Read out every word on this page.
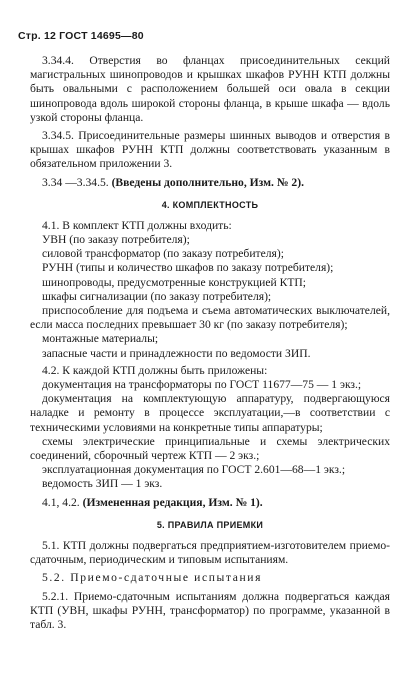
Стр. 12 ГОСТ 14695—80

3.34.4. Отверстия во фланцах присоединительных секций магистральных шинопроводов и крышках шкафов РУНН КТП должны быть овальными с расположением большей оси овала в секции шинопровода вдоль широкой стороны фланца, в крыше шкафа — вдоль узкой стороны фланца.

3.34.5. Присоединительные размеры шинных выводов и отверстия в крышах шкафов РУНН КТП должны соответствовать указанным в обязательном приложении 3.

3.34 —3.34.5. (Введены дополнительно, Изм. № 2).

4. КОМПЛЕКТНОСТЬ

4.1. В комплект КТП должны входить:

УВН (по заказу потребителя);

силовой трансформатор (по заказу потребителя);

РУНН (типы и количество шкафов по заказу потребителя);

шинопроводы, предусмотренные конструкцией КТП;

шкафы сигнализации (по заказу потребителя);

приспособление для подъема и съема автоматических выключателей, если масса последних превышает 30 кг (по заказу потребителя);

монтажные материалы;

запасные части и принадлежности по ведомости ЗИП.

4.2. К каждой КТП должны быть приложены:

документация на трансформаторы по ГОСТ 11677—75 — 1 экз.;

документация на комплектующую аппаратуру, подвергающуюся наладке и ремонту в процессе эксплуатации,—в соответствии с техническими условиями на конкретные типы аппаратуры;

схемы электрические принципиальные и схемы электрических соединений, сборочный чертеж КТП — 2 экз.;

эксплуатационная документация по ГОСТ 2.601—68—1 экз.;

ведомость ЗИП — 1 экз.

4.1, 4.2. (Измененная редакция, Изм. № 1).

5. ПРАВИЛА ПРИЕМКИ

5.1. КТП должны подвергаться предприятием-изготовителем приемо-сдаточным, периодическим и типовым испытаниям.

5.2. Приемо-сдаточные испытания

5.2.1. Приемо-сдаточным испытаниям должна подвергаться каждая КТП (УВН, шкафы РУНН, трансформатор) по программе, указанной в табл. 3.
